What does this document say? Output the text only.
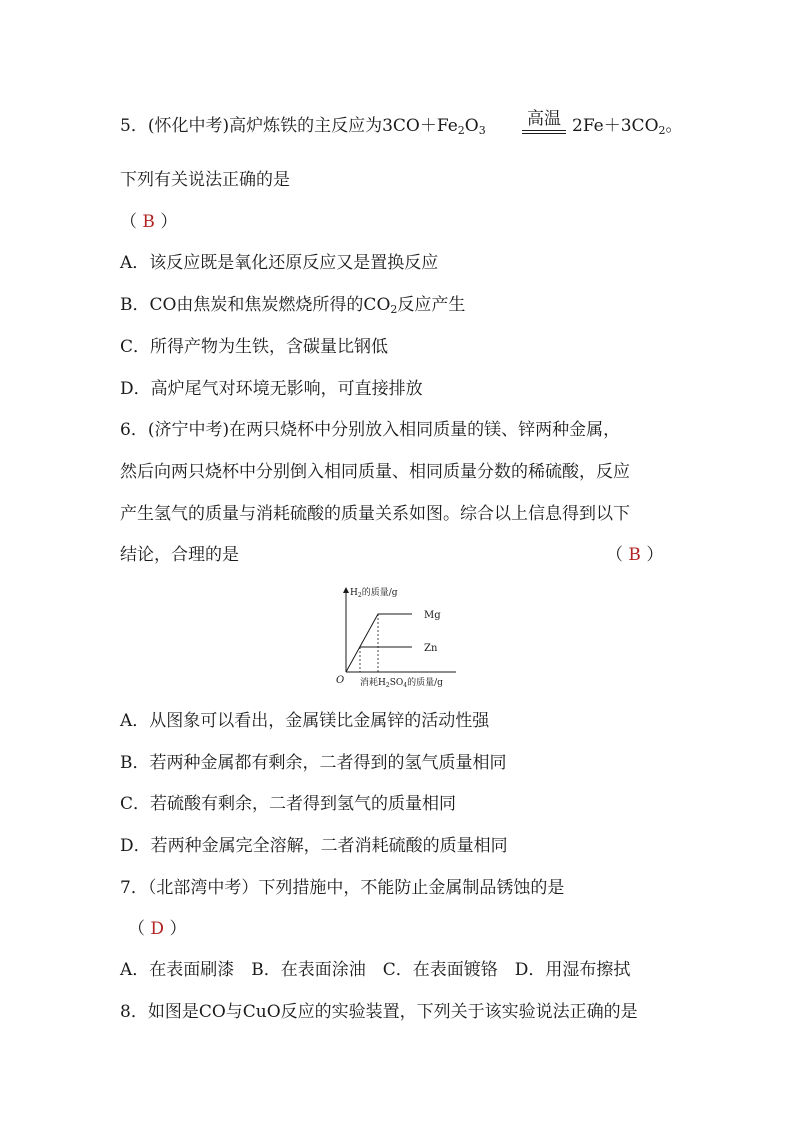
5．(怀化中考)高炉炼铁的主反应为$3CO+Fe_2O_3$
高温 $2Fe+3CO_2$。
下列有关说法正确的是
（ B ）
A．该反应既是氧化还原反应又是置换反应
B．CO由焦炭和焦炭燃烧所得的$CO_2$反应产生
C．所得产物为生铁，含碳量比钢低
D．高炉尾气对环境无影响，可直接排放
6．(济宁中考)在两只烧杯中分别放入相同质量的镁、锌两种金属，
然后向两只烧杯中分别倒入相同质量、相同质量分数的稀硫酸，反应
产生氢气的质量与消耗硫酸的质量关系如图。综合以上信息得到以下
结论，合理的是	（ B ）
$H_2$的质量/g
O 消耗$H_2SO_4$的质量/g
Mg
Zn
A．从图象可以看出，金属镁比金属锌的活动性强
B．若两种金属都有剩余，二者得到的氢气质量相同
C．若硫酸有剩余，二者得到氢气的质量相同
D．若两种金属完全溶解，二者消耗硫酸的质量相同
7．（北部湾中考）下列措施中，不能防止金属制品锈蚀的是
（ D ）
A．在表面刷漆　B．在表面涂油　C．在表面镀铬　D．用湿布擦拭
8．如图是CO与CuO反应的实验装置，下列关于该实验说法正确的是
